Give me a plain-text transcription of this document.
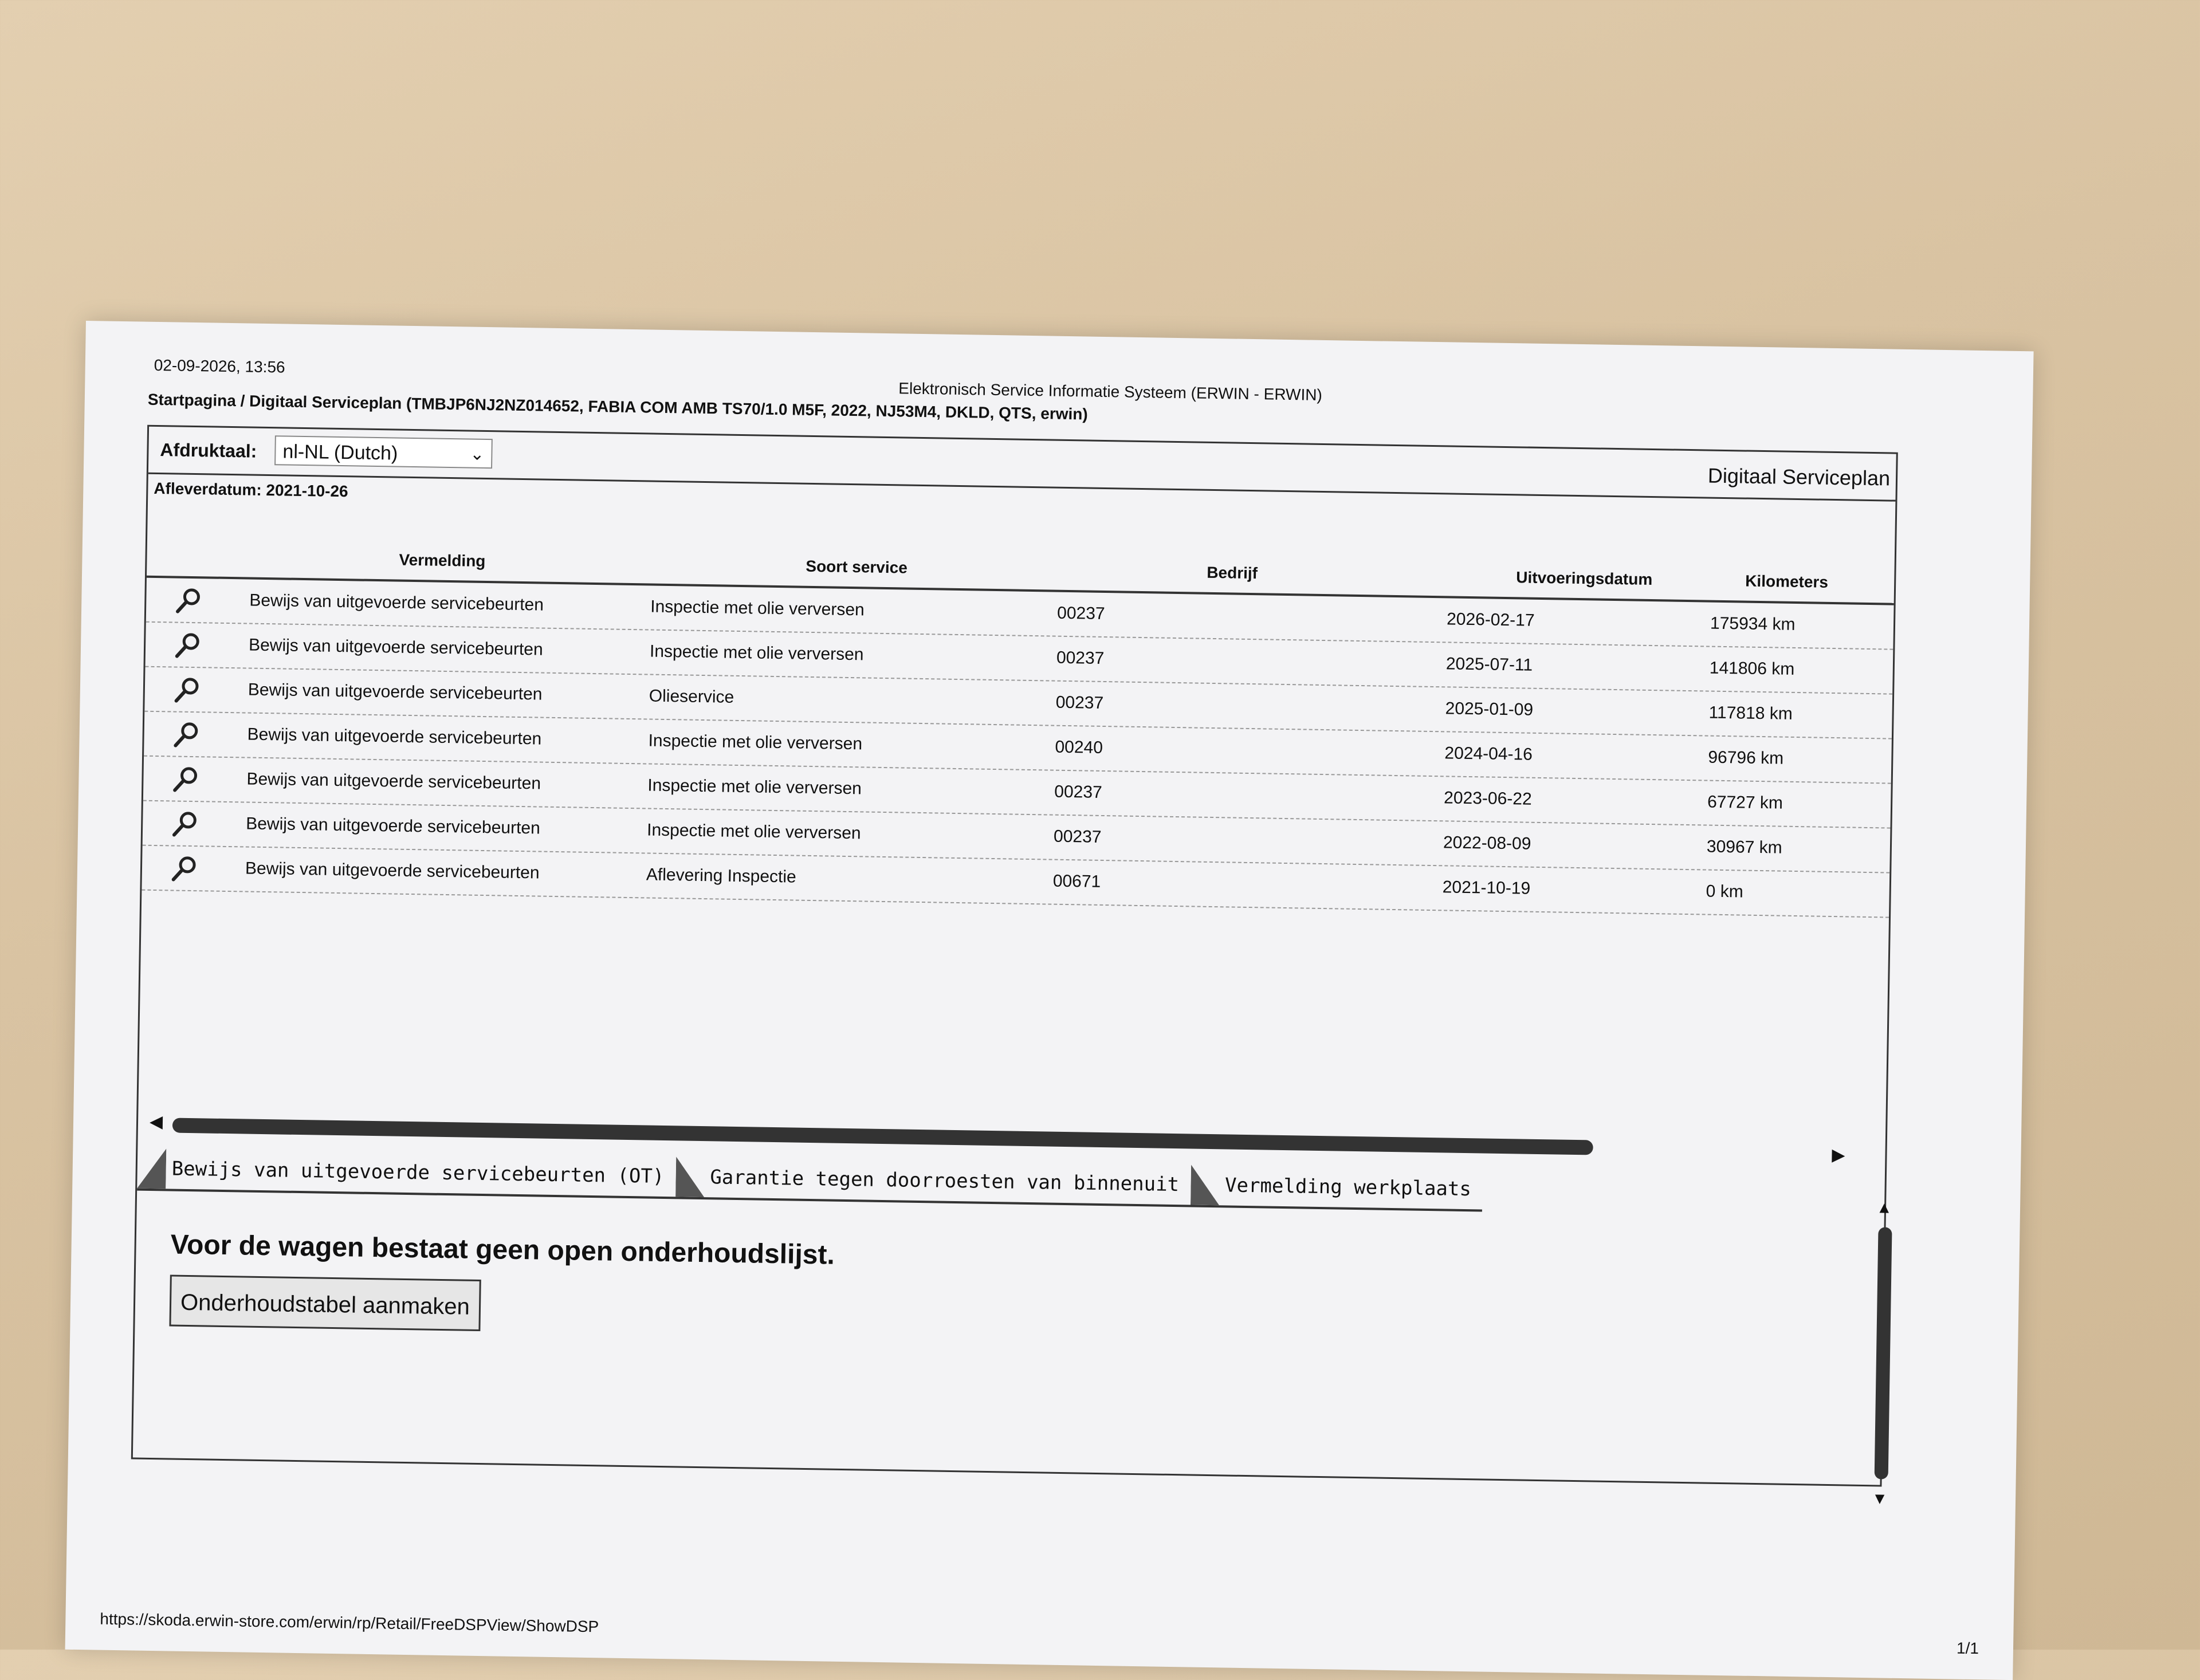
02-09-2026, 13:56
Elektronisch Service Informatie Systeem (ERWIN - ERWIN)
Startpagina / Digitaal Serviceplan (TMBJP6NJ2NZ014652, FABIA COM AMB TS70/1.0 M5F, 2022, NJ53M4, DKLD, QTS, erwin)
Afdruktaal:	nl-NL (Dutch)	⌄
Digitaal Serviceplan
Afleverdatum: 2021-10-26
Vermelding	Soort service	Bedrijf	Uitvoeringsdatum	Kilometers
Bewijs van uitgevoerde servicebeurten	Inspectie met olie verversen	00237	2026-02-17	175934 km
Bewijs van uitgevoerde servicebeurten	Inspectie met olie verversen	00237	2025-07-11	141806 km
Bewijs van uitgevoerde servicebeurten	Olieservice	00237	2025-01-09	117818 km
Bewijs van uitgevoerde servicebeurten	Inspectie met olie verversen	00240	2024-04-16	96796 km
Bewijs van uitgevoerde servicebeurten	Inspectie met olie verversen	00237	2023-06-22	67727 km
Bewijs van uitgevoerde servicebeurten	Inspectie met olie verversen	00237	2022-08-09	30967 km
Bewijs van uitgevoerde servicebeurten	Aflevering Inspectie	00671	2021-10-19	0 km
◀
▶
Bewijs van uitgevoerde servicebeurten (OT)	Garantie tegen doorroesten van binnenuit	Vermelding werkplaats
Voor de wagen bestaat geen open onderhoudslijst.
Onderhoudstabel aanmaken
▲
▼
https://skoda.erwin-store.com/erwin/rp/Retail/FreeDSPView/ShowDSP
1/1
